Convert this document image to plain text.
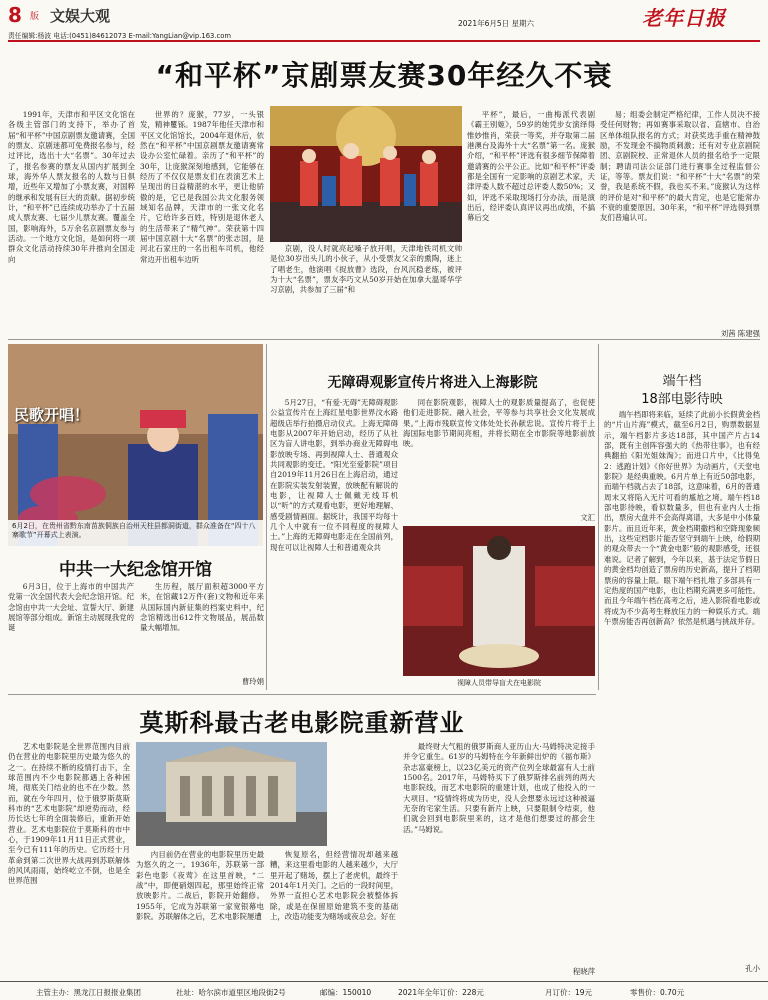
8 版 文娱大观	2021年6月5日 星期六	老年日报
责任编辑:杨波 电话:(0451)84612073 E-mail:YangLian@vip.163.com
“和平杯”京剧票友赛30年经久不衰

1991年，天津市和平区文化馆在各级主管部门的支持下，举办了首届“和平杯”中国京剧票友邀请赛，全国的票友、京剧迷都可免费报名参与，经过评比，选出十大“名票”。30年过去了，报名参赛的票友从国内扩展到全球，海外华人票友报名的人数与日俱增，近些年又增加了小票友赛，对国粹的继承和发展有巨大的贡献。据初步统计，“和平杯”已连续成功举办了十五届成人票友赛、七届少儿票友赛。覆盖全国，影响海外，5万余名京剧票友参与活动。一个地方文化馆，是如何将一项群众文化活动持续30年并推向全国走向

世界的？庞猴，77岁，一头银发，精神矍铄。1987年他任天津市和平区文化馆馆长，2004年退休后，依然在“和平杯”中国京剧票友邀请赛常设办公室忙碌着。亲历了“和平杯”的30年，让庞猴深刻地感到，它能够在经历了不仅仅是票友们在表演艺术上呈现出的日益精湛的水平，更让他骄傲的是，它已是我国公共文化服务领域知名品牌，天津市的一张文化名片，它给许多百姓，特别是退休老人的生活带来了“精气神”。荣获第十四届中国京剧十大“名票”的张志国，是河北石家庄的一名出租车司机，他经常边开出租车边听

京剧，没人时就亮起嗓子放开唱，天津地铁司机文帅是位30岁出头儿的小伙子，从小受票友父亲的熏陶，迷上了唱老生，他演唱《捉放曹》选段，台风沉稳老练，被评为十大“名票”，票友李巧文从50岁开始在加拿大温哥华学习京剧，共参加了三届“和

平杯”，最后，一曲梅派代表剧《霸王别姬》，59岁的她凭步女演绎得惟妙惟肖，荣获一等奖，并夺取第二届港澳台及海外十大“名票”第一名。庞猴介绍，“和平杯”评选有很多细节保障着邀请赛的公平公正。比如“和平杯”评委都是全国有一定影响的京剧艺术家，天津评委人数不超过总评委人数50%；又如，评选不采取现场打分办法，而是演出后，经评委认真评议再出成绩，不搞幕后交

易；组委会制定严格纪律，工作人员决不接受任何财物；再如赛事采取以省、直辖市、自治区单体组队报名的方式；对获奖选手重在精神鼓励，不发现金不搞物质刺激；还有对专业京剧院团、京剧院校、正常退休人员的报名给予一定限制；聘请司法公证部门进行赛事全过程监督公证，等等。票友们说：“和平杯”十大“名票”的荣誉，我是系统不假，我也买不来。”庞猴认为这样的评价是对“和平杯”的最大肯定，也是它能常办不衰的重要原因。30年来，“和平杯”评选得到票友们普遍认可。

刘茜 陈建强
民歌开唱！
6月2日，在贵州省黔东南苗族侗族自治州天柱县都洞街道，群众准备在“四十八寨歌节”开幕式上表演。
中共一大纪念馆开馆

6月3日，位于上海市的中国共产党第一次全国代表大会纪念馆开馆。纪念馆由中共一大会址、宣誓大厅、新建展馆等部分组成。新馆主动展现我党的诞

生历程，展厅面积超3000平方米，在馆藏12万件(套)文物和近年来从国际国内新征集的档案史料中，纪念馆精选出612件文物展品，展品数量大幅增加。

曹玲娟
无障碍观影宣传片将进入上海影院

5月27日，“有爱·无碍”无障碍观影公益宣传片在上海红星电影世界汶水路超级店举行拍摄启动仪式。上海无障碍电影从2007年开始启动，经历了从社区为盲人讲电影，到举办商业无障碍电影放映专场、再到视障人士、普通观众共同观影的变迁。“阳光至爱影院”项目自2019年11月26日在上海启动，通过在影院实装发射装置，放映配有解说的电影，让视障人士佩戴无线耳机以“听”的方式观看电影，更好地理解、感受剧情画面。据统计，我国平均每十几个人中就有一位不同程度的视障人士。”上海的无障碍电影走在全国前列，现在可以让视障人士和普通观众共

同在影院观影，视障人士的观影质量提高了，也促使他们走进影院、融入社会，平等参与共享社会文化发展成果。”上海市残联宣传文体处处长孙献忠说。宣传片将于上海国际电影节期间亮相，并将长期在全市影院等地影前放映。

文汇
视障人员带导盲犬在电影院
端午档
18部电影待映

端午档即将来临，延续了此前小长假黄金档的“片山片海”模式，截至6月2日，购票数据显示，端午档影片多达18部，其中国产片占14部，既有主创阵容强大的《热带往事》，也有经典翻拍《阳光姐妹淘》；而进口片中，《比得兔2：逃跑计划》《你好世界》为动画片，《天堂电影院》是经典重映。6月片单上有近50部电影，而端午档就占去了18部，这意味着，6月的普通周末又将陷入无片可看的尴尬之境。端午档18部电影待映，看似数量多，但也有业内人士指出，票房大盘并不会高得离谱，大多是中小体量影片。而且近年来，黄金档期撒档和空降现象频出，这些定档影片能否坚守到端午上映，给假期的观众带去一个“黄金电影”般的观影感受，还很难说。记者了解到，今年以来，基于法定节假日的黄金档均创造了票房的历史新高，提升了档期票房的容量上限。眼下端午档扎堆了多部具有一定热度的国产电影，也让档期充满更多可能性。而且今年端午档在高考之后，进入影院看电影或将成为不少高考生释放压力的一种娱乐方式。端午票房能否再创新高？依然是机遇与挑战并存。

孔小
莫斯科最古老电影院重新营业

艺术电影院是全世界范围内目前仍在营业的电影院里历史最为悠久的之一。在持续不断的疫情打击下，全球范围内不少电影院都遇上各种困境，彻底关门结业的也不在少数。然而，就在今年四月，位于俄罗斯莫斯科市的“艺术电影院”却逆势而动，经历长达七年的全面装修后，重新开始营业。艺术电影院位于莫斯科的市中心，于1909年11月11日正式营业，至今已有111年的历史。它历经十月革命到第二次世界大战再到苏联解体的风风雨雨，始终屹立不倒，也是全世界范围

内目前仍在营业的电影院里历史最为悠久的之一。1936年，苏联第一部彩色电影《夜莺》在这里首映，“二战”中，即便硝烟四起，那里始终正常放映影片。二战后，影院开始翻修。1955年，它成为苏联第一家宽银幕电影院。苏联解体之后，艺术电影院屡遭

恢复原名，但经营情况却越来越糟，来这里看电影的人越来越少，大厅里开起了赌场，摆上了老虎机，最终于2014年1月关门。之后的一段时间里，外界一直担心艺术电影院会被整体拆除，或是在保留原始建筑不变的基础上，改造功能变为赌场或夜总会。好在

最终财大气粗的俄罗斯商人亚历山大·马姆特决定接手并令它重生。61岁的马姆特在今年新鲜出炉的《福布斯》杂志富豪榜上，以23亿美元的资产位列全球最富有人士前1500名。2017年，马姆特买下了俄罗斯排名前列的两大电影院线，而艺术电影院的重建计划，也成了他投入的一大项目。“疫情终将成为历史，没人会想要永远过这种被逼无奈的宅家生活。只要有新片上映，只要限制令结束，他们就会回到电影院里来的，这才是他们想要过的都会生活。”马姆说。

程晓萍
主管主办：黑龙江日报报业集团	社址：哈尔滨市道里区地段街2号	邮编：150010	2021年全年订价：228元	月订价：19元	零售价：0.70元
